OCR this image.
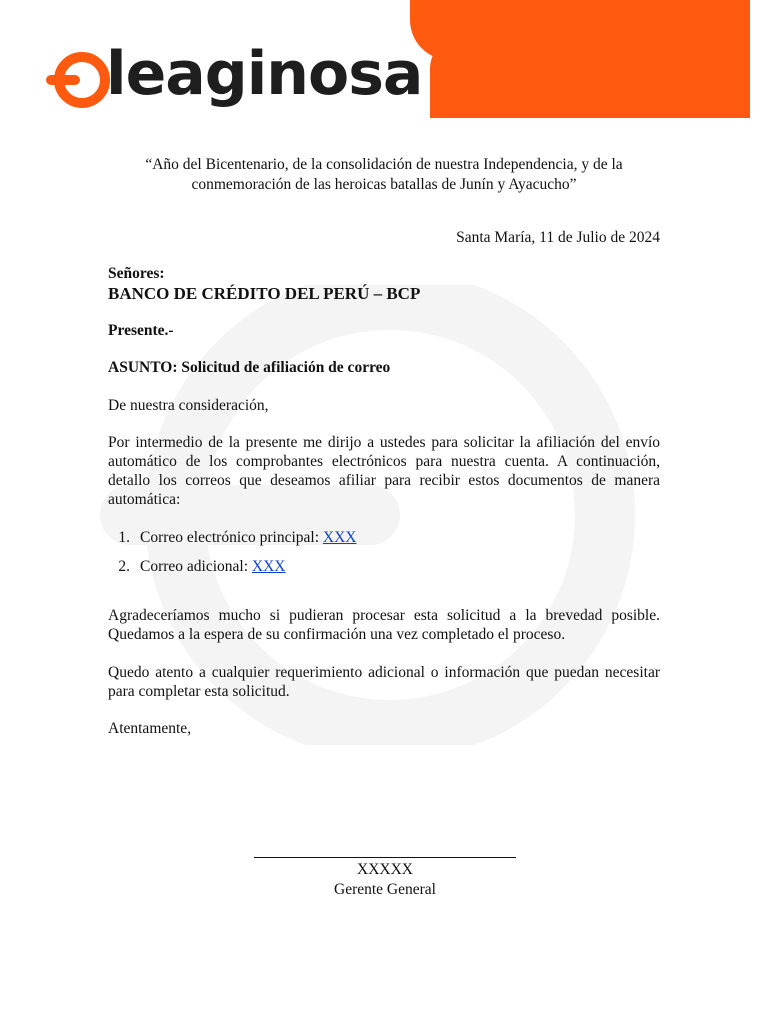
leaginosa
“Año del Bicentenario, de la consolidación de nuestra Independencia, y de la conmemoración de las heroicas batallas de Junín y Ayacucho”
Santa María, 11 de Julio de 2024
Señores:
BANCO DE CRÉDITO DEL PERÚ – BCP
Presente.-
ASUNTO: Solicitud de afiliación de correo
De nuestra consideración,
Por intermedio de la presente me dirijo a ustedes para solicitar la afiliación del envío automático de los comprobantes electrónicos para nuestra cuenta. A continuación, detallo los correos que deseamos afiliar para recibir estos documentos de manera automática:
1. Correo electrónico principal: XXX
2. Correo adicional: XXX
Agradeceríamos mucho si pudieran procesar esta solicitud a la brevedad posible. Quedamos a la espera de su confirmación una vez completado el proceso.
Quedo atento a cualquier requerimiento adicional o información que puedan necesitar para completar esta solicitud.
Atentamente,
XXXXX
Gerente General
